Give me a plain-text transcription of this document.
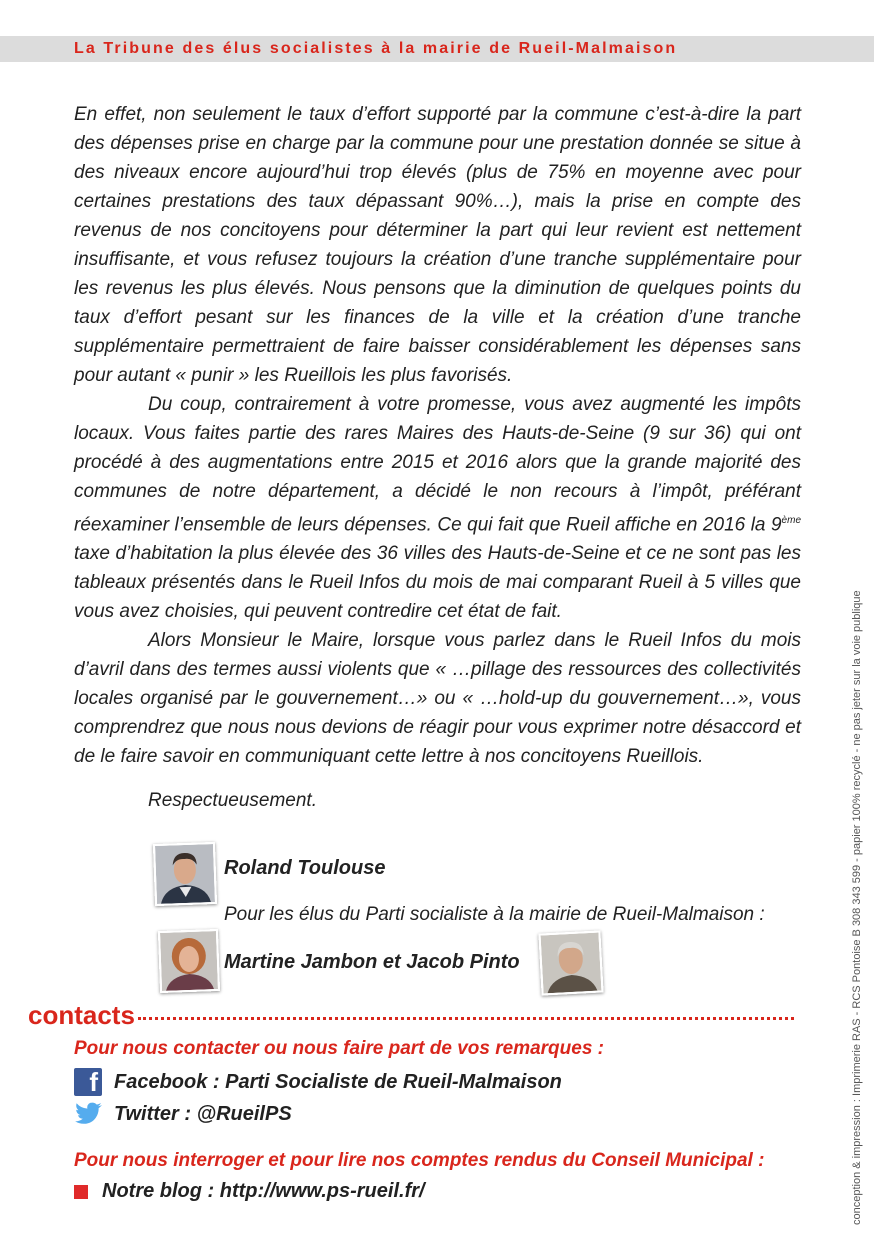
La Tribune des élus socialistes à la mairie de Rueil-Malmaison

En effet, non seulement le taux d’effort supporté par la commune c’est-à-dire la part des dépenses prise en charge par la commune pour une prestation donnée se situe à des niveaux encore aujourd’hui trop élevés (plus de 75% en moyenne avec pour certaines prestations des taux dépassant 90%…), mais la prise en compte des revenus de nos concitoyens pour déterminer la part qui leur revient est nettement insuffisante, et vous refusez toujours la création d’une tranche supplémentaire pour les revenus les plus élevés. Nous pensons que la diminution de quelques points du taux d’effort pesant sur les finances de la ville et la création d’une tranche supplémentaire permettraient de faire baisser considérablement les dépenses sans pour autant « punir » les Rueillois les plus favorisés.

Du coup, contrairement à votre promesse, vous avez augmenté les impôts locaux. Vous faites partie des rares Maires des Hauts-de-Seine (9 sur 36) qui ont procédé à des augmentations entre 2015 et 2016 alors que la grande majorité des communes de notre département, a décidé le non recours à l’impôt, préférant réexaminer l’ensemble de leurs dépenses. Ce qui fait que Rueil affiche en 2016 la 9ème taxe d’habitation la plus élevée des 36 villes des Hauts-de-Seine et ce ne sont pas les tableaux présentés dans le Rueil Infos du mois de mai comparant Rueil à 5 villes que vous avez choisies, qui peuvent contredire cet état de fait.

Alors Monsieur le Maire, lorsque vous parlez dans le Rueil Infos du mois d’avril dans des termes aussi violents que « …pillage des ressources des collectivités locales organisé par le gouvernement…» ou « …hold-up du gouvernement…», vous comprendrez que nous nous devions de réagir pour vous exprimer notre désaccord et de le faire savoir en communiquant cette lettre à nos concitoyens Rueillois.

Respectueusement.
Roland Toulouse
Pour les élus du Parti socialiste à la mairie de Rueil-Malmaison :
Martine Jambon et Jacob Pinto
contacts
Pour nous contacter ou nous faire part de vos remarques :
f Facebook : Parti Socialiste de Rueil-Malmaison
Twitter : @RueilPS
Pour nous interroger et pour lire nos comptes rendus du Conseil Municipal :
Notre blog : http://www.ps-rueil.fr/	conception & impression : Imprimerie RAS - RCS Pontoise B 308 343 599 - papier 100% recyclé - ne pas jeter sur la voie publique
